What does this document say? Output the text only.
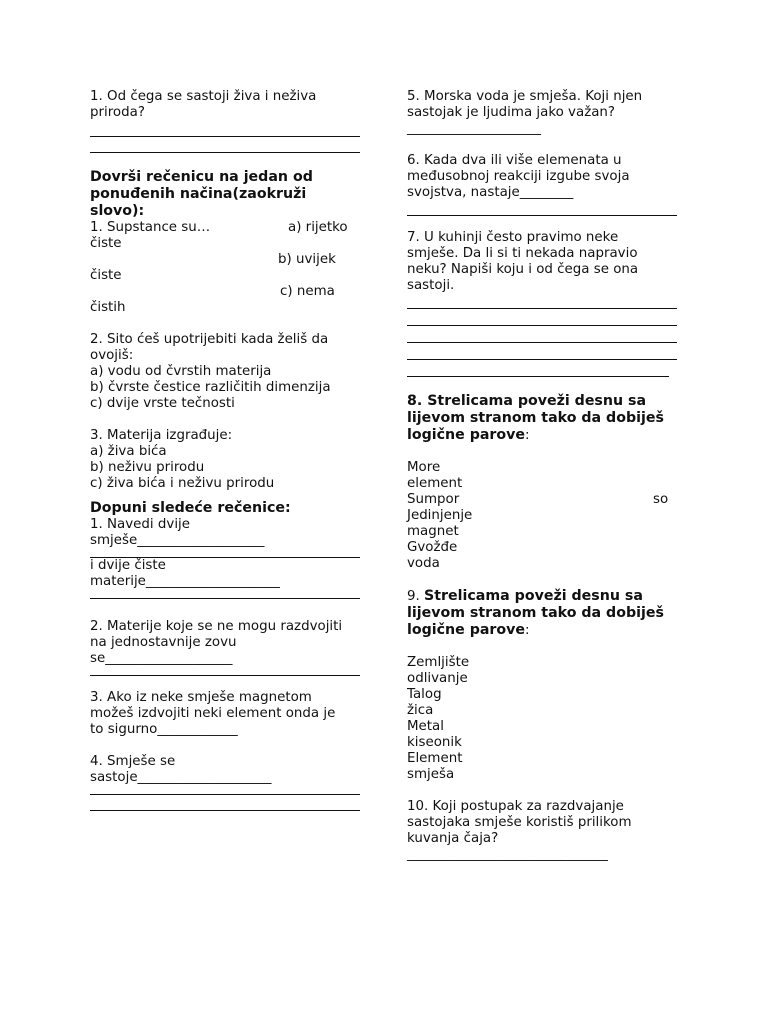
1. Od čega se sastoji živa i neživa
priroda?
Dovrši rečenicu na jedan od
ponuđenih načina(zaokruži
slovo):
1. Supstance su…	a) rijetko
čiste
b) uvijek
čiste
c) nema
čistih
2. Sito ćeš upotrijebiti kada želiš da
ovojiš:
a) vodu od čvrstih materija
b) čvrste čestice različitih dimenzija
c) dvije vrste tečnosti
3. Materija izgrađuje:
a) živa bića
b) neživu prirodu
c) živa bića i neživu prirodu
Dopuni sledeće rečenice:
1. Navedi dvije
smješe___________________
i dvije čiste
materije____________________
2. Materije koje se ne mogu razdvojiti
na jednostavnije zovu
se___________________
3. Ako iz neke smješe magnetom
možeš izdvojiti neki element onda je
to sigurno____________
4. Smješe se
sastoje____________________
5. Morska voda je smješa. Koji njen
sastojak je ljudima jako važan?
____________________
6. Kada dva ili više elemenata u
međusobnoj reakciji izgube svoja
svojstva, nastaje________
7. U kuhinji često pravimo neke
smješe. Da li si ti nekada napravio
neku? Napiši koju i od čega se ona
sastoji.
8. Strelicama poveži desnu sa
lijevom stranom tako da dobiješ
logične parove:
More
element
Sumpor	so
Jedinjenje
magnet
Gvožđe
voda
9. Strelicama poveži desnu sa
lijevom stranom tako da dobiješ
logične parove:
Zemljište
odlivanje
Talog
žica
Metal
kiseonik
Element
smješa
10. Koji postupak za razdvajanje
sastojaka smješe koristiš prilikom
kuvanja čaja?
______________________________
